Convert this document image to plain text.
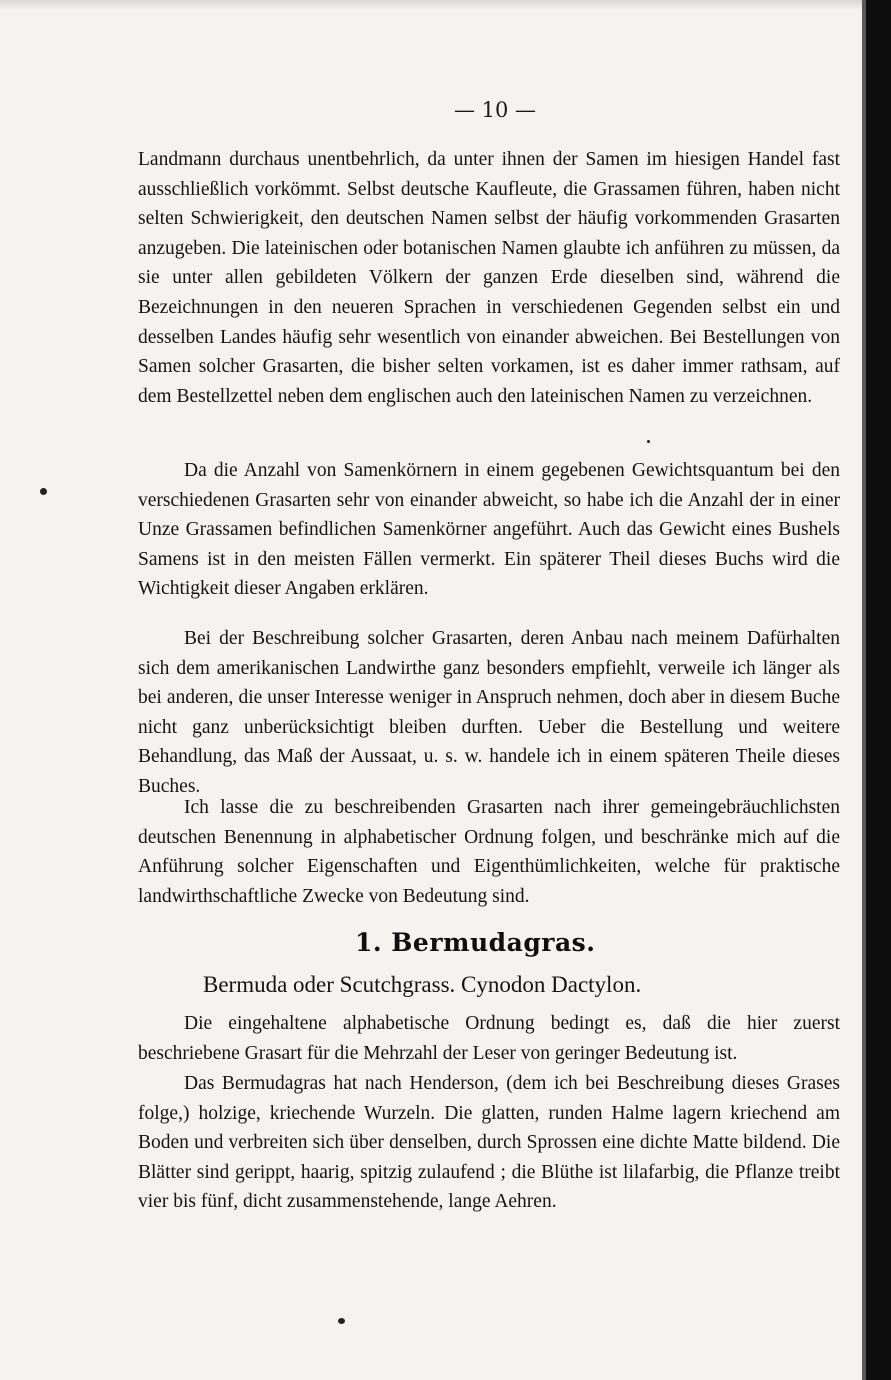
— 10 —

Landmann durchaus unentbehrlich, da unter ihnen der Samen im hiesigen Handel fast ausschließlich vorkömmt. Selbst deutsche Kaufleute, die Grassamen führen, haben nicht selten Schwierigkeit, den deutschen Namen selbst der häufig vorkommenden Grasarten anzugeben. Die lateinischen oder botanischen Namen glaubte ich anführen zu müssen, da sie unter allen gebildeten Völkern der ganzen Erde dieselben sind, während die Bezeichnungen in den neueren Sprachen in verschiedenen Gegenden selbst ein und desselben Landes häufig sehr wesentlich von einander abweichen. Bei Bestellungen von Samen solcher Grasarten, die bisher selten vorkamen, ist es daher immer rathsam, auf dem Bestellzettel neben dem englischen auch den lateinischen Namen zu verzeichnen.

Da die Anzahl von Samenkörnern in einem gegebenen Gewichtsquantum bei den verschiedenen Grasarten sehr von einander abweicht, so habe ich die Anzahl der in einer Unze Grassamen befindlichen Samenkörner angeführt. Auch das Gewicht eines Bushels Samens ist in den meisten Fällen vermerkt. Ein späterer Theil dieses Buchs wird die Wichtigkeit dieser Angaben erklären.

Bei der Beschreibung solcher Grasarten, deren Anbau nach meinem Dafürhalten sich dem amerikanischen Landwirthe ganz besonders empfiehlt, verweile ich länger als bei anderen, die unser Interesse weniger in Anspruch nehmen, doch aber in diesem Buche nicht ganz unberücksichtigt bleiben durften. Ueber die Bestellung und weitere Behandlung, das Maß der Aussaat, u. s. w. handele ich in einem späteren Theile dieses Buches.

Ich lasse die zu beschreibenden Grasarten nach ihrer gemeingebräuchlichsten deutschen Benennung in alphabetischer Ordnung folgen, und beschränke mich auf die Anführung solcher Eigenschaften und Eigenthümlichkeiten, welche für praktische landwirthschaftliche Zwecke von Bedeutung sind.

1. Bermudagras.
Bermuda oder Scutchgrass. Cynodon Dactylon.

Die eingehaltene alphabetische Ordnung bedingt es, daß die hier zuerst beschriebene Grasart für die Mehrzahl der Leser von geringer Bedeutung ist.

Das Bermudagras hat nach Henderson, (dem ich bei Beschreibung dieses Grases folge,) holzige, kriechende Wurzeln. Die glatten, runden Halme lagern kriechend am Boden und verbreiten sich über denselben, durch Sprossen eine dichte Matte bildend. Die Blätter sind gerippt, haarig, spitzig zulaufend ; die Blüthe ist lilafarbig, die Pflanze treibt vier bis fünf, dicht zusammenstehende, lange Aehren.
